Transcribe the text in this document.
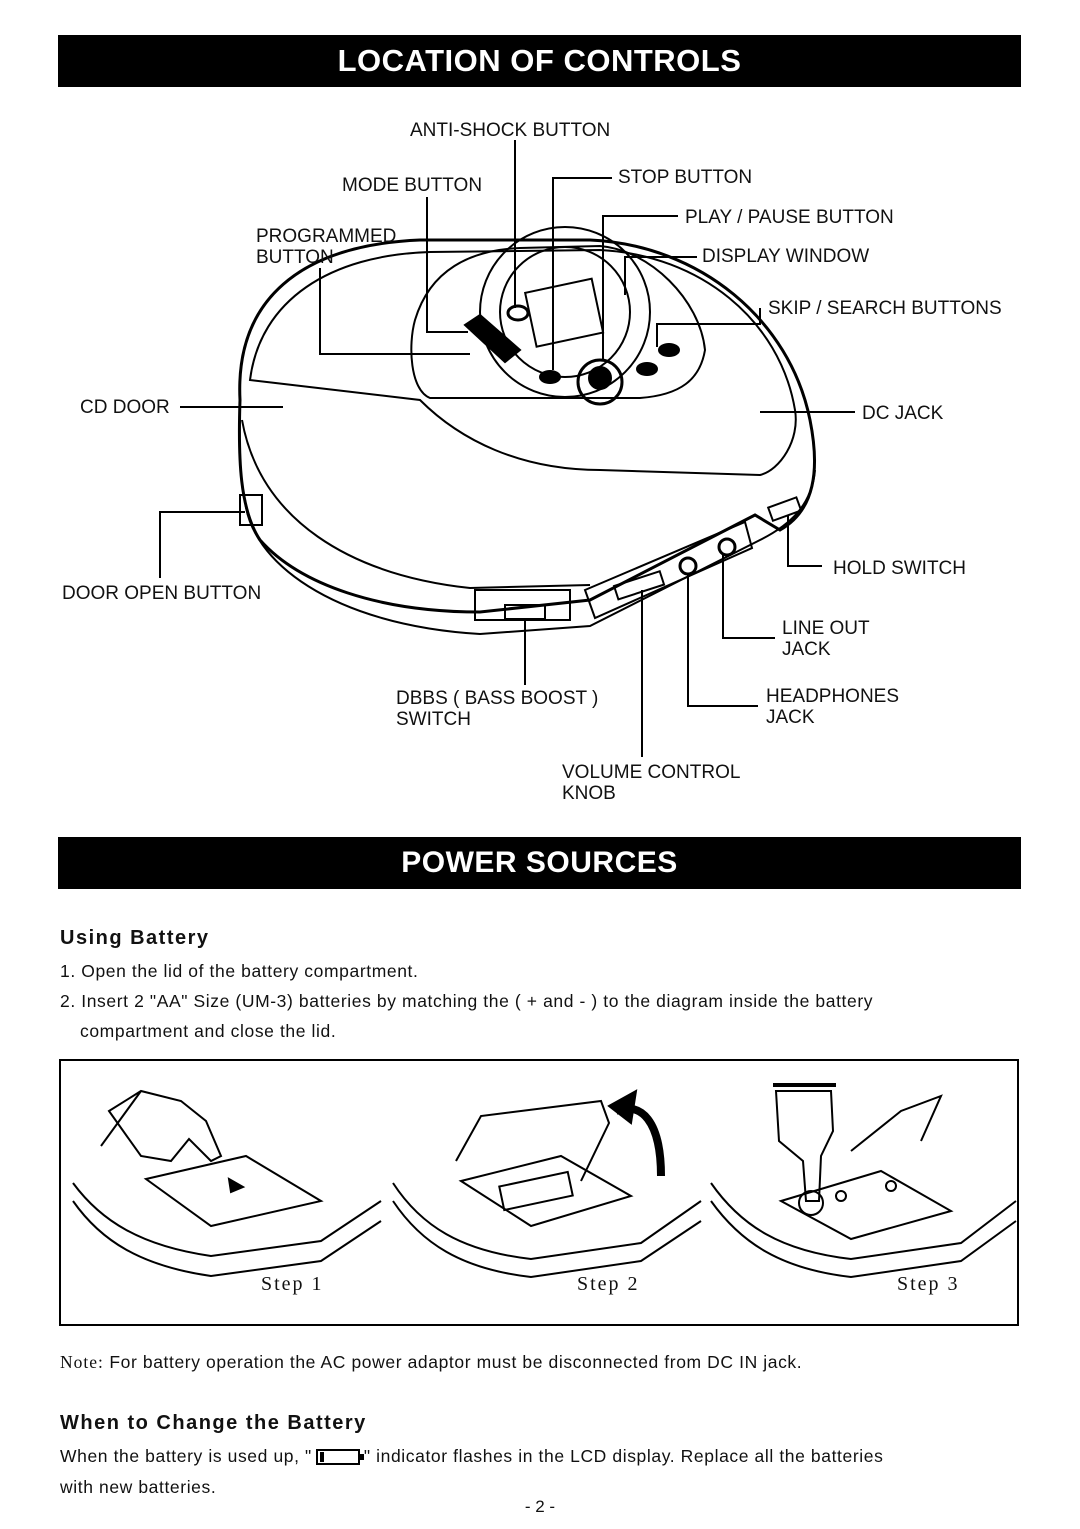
LOCATION OF CONTROLS
ANTI-SHOCK BUTTON
MODE BUTTON	STOP BUTTON
PLAY / PAUSE BUTTON
PROGRAMMED
BUTTON	DISPLAY WINDOW
SKIP / SEARCH BUTTONS
CD DOOR	DC JACK
HOLD SWITCH
DOOR OPEN BUTTON
LINE OUT
JACK
DBBS ( BASS BOOST )
SWITCH
HEADPHONES
JACK
VOLUME CONTROL
KNOB
POWER SOURCES
Using Battery
1. Open the lid of the battery compartment.
2. Insert 2 "AA" Size (UM-3) batteries by matching the ( + and - ) to the diagram inside the battery
compartment and close the lid.
Step 1	Step 2	Step 3
Note: For battery operation the AC power adaptor must be disconnected from DC IN jack.
When to Change the Battery
When the battery is used up, "	" indicator flashes in the LCD display. Replace all the batteries
with new batteries.
- 2 -
